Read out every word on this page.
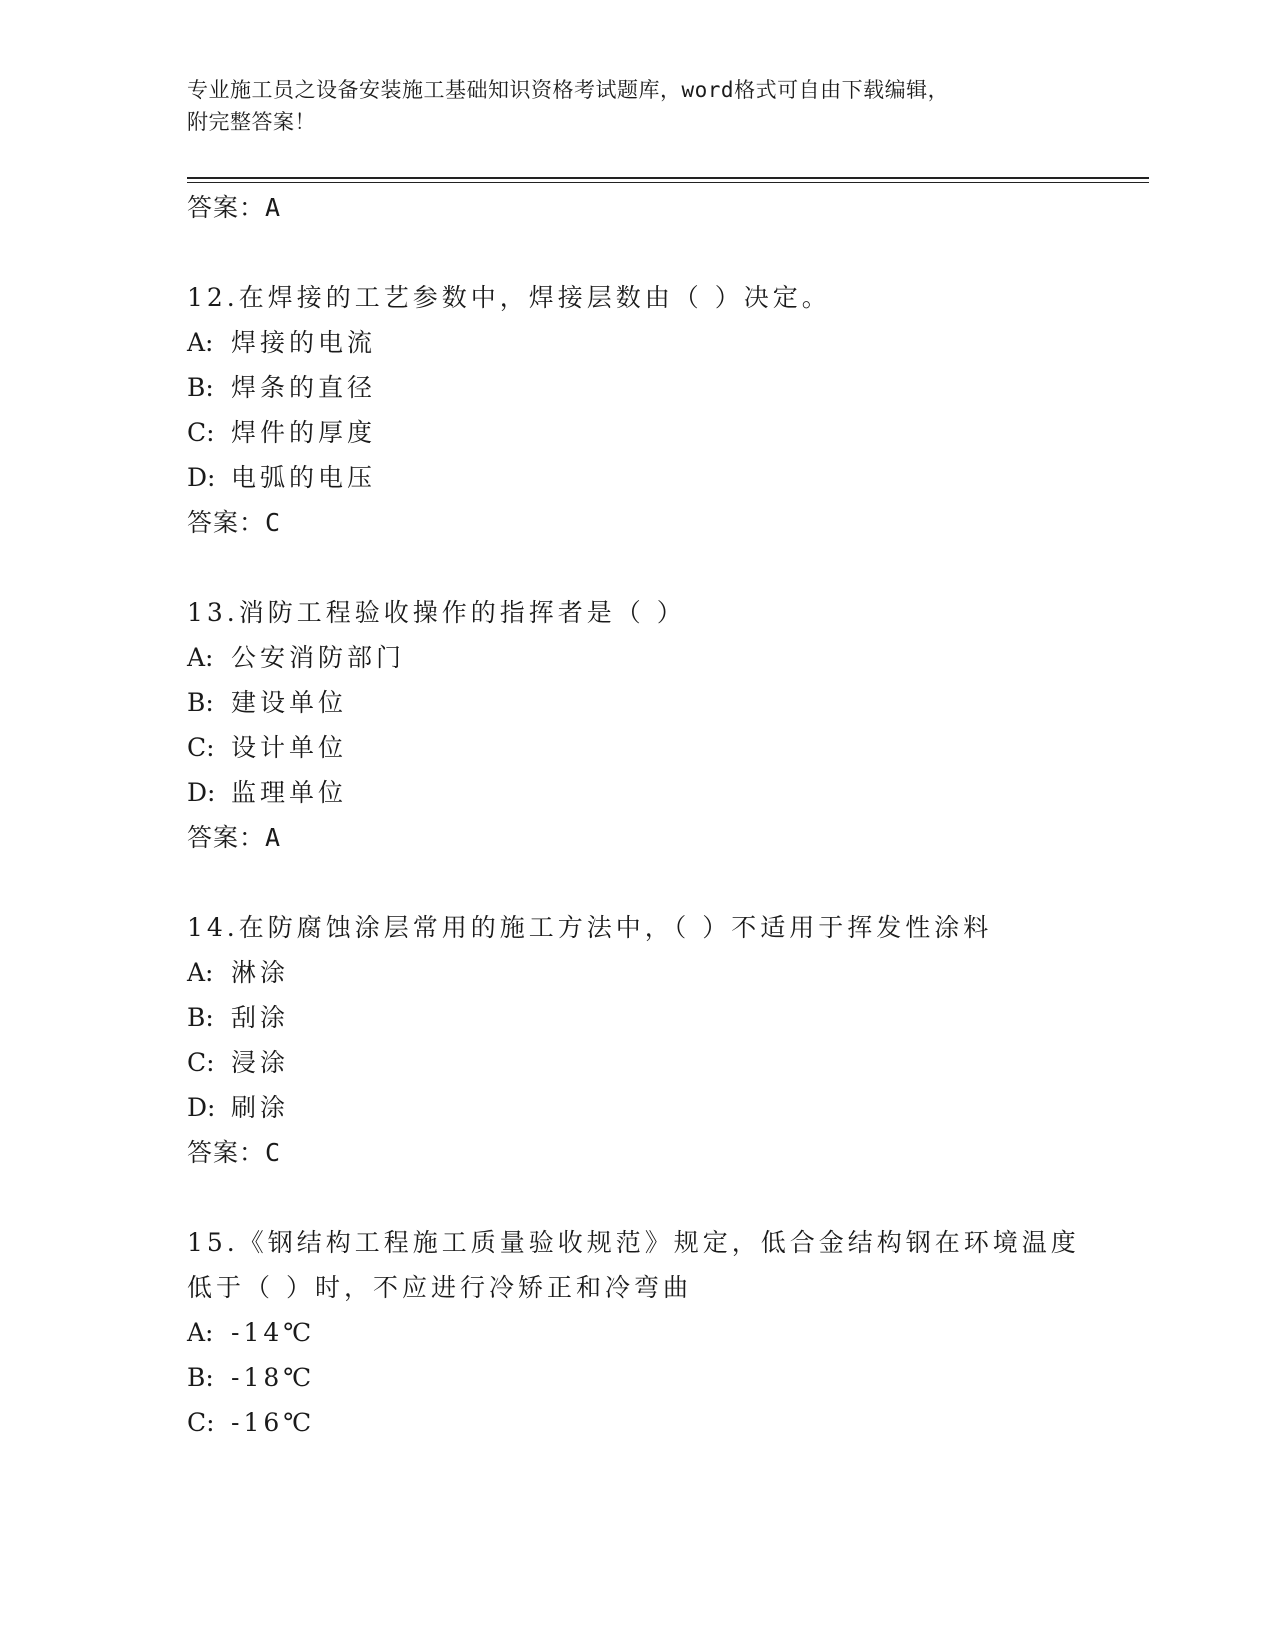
专业施工员之设备安装施工基础知识资格考试题库，word格式可自由下载编辑，
附完整答案！
答案：A
12.在焊接的工艺参数中，焊接层数由（ ）决定。
A: 焊接的电流
B: 焊条的直径
C: 焊件的厚度
D: 电弧的电压
答案：C
13.消防工程验收操作的指挥者是（ ）
A: 公安消防部门
B: 建设单位
C: 设计单位
D: 监理单位
答案：A
14.在防腐蚀涂层常用的施工方法中，（ ）不适用于挥发性涂料
A: 淋涂
B: 刮涂
C: 浸涂
D: 刷涂
答案：C
15.《钢结构工程施工质量验收规范》规定，低合金结构钢在环境温度
低于（ ）时，不应进行冷矫正和冷弯曲
A: -14℃
B: -18℃
C: -16℃
